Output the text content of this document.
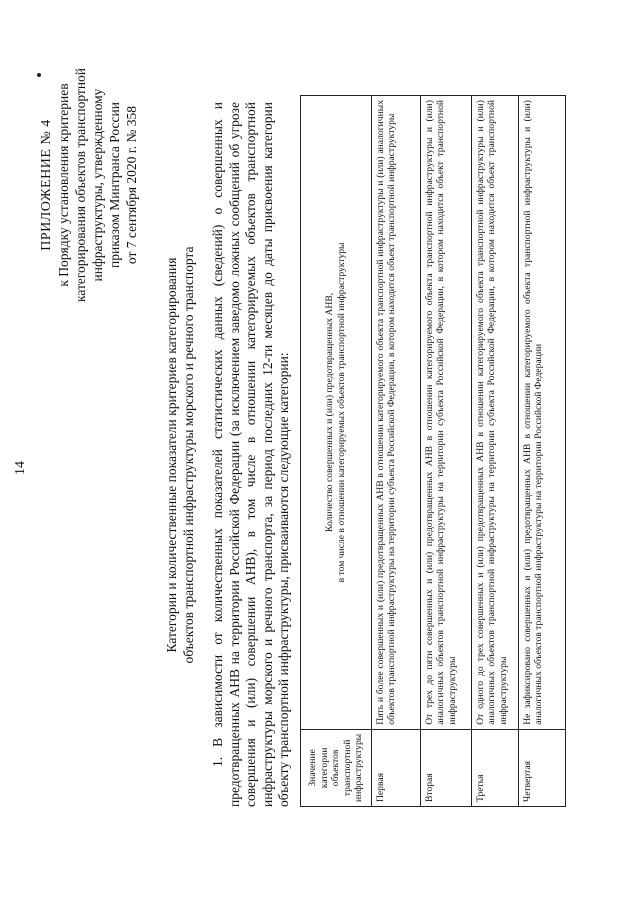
14
ПРИЛОЖЕНИЕ № 4 к Порядку установления критериев категорирования объектов транспортной инфраструктуры, утвержденному приказом Минтранса России от 7 сентября 2020 г. № 358
Категории и количественные показатели критериев категорирования объектов транспортной инфраструктуры морского и речного транспорта 1. В зависимости от количественных показателей статистических данных (сведений) о совершенных и предотвращенных АНВ на территории Российской Федерации (за исключением заведомо ложных сообщений об угрозе совершения и (или) совершении АНВ), в том числе в отношении категорируемых объектов транспортной инфраструктуры морского и речного транспорта, за период последних 12-ти месяцев до даты присвоения категории объекту транспортной инфраструктуры, присваиваются следующие категории: Значение категории объектов транспортной инфраструктуры	Количество совершенных и (или) предотвращенных АНВ, в том числе в отношении категорируемых объектов транспортной инфраструктуры

Первая	Пять и более совершенных и (или) предотвращенных АНВ в отношении категорируемого объекта транспортной инфраструктуры и (или) аналогичных объектов транспортной инфраструктуры на территории субъекта Российской Федерации, в котором находится объект транспортной инфраструктуры
Вторая	От трех до пяти совершенных и (или) предотвращенных АНВ в отношении категорируемого объекта транспортной инфраструктуры и (или) аналогичных объектов транспортной инфраструктуры на территории субъекта Российской Федерации, в котором находится объект транспортной инфраструктуры
Третья	От одного до трех совершенных и (или) предотвращенных АНВ в отношении категорируемого объекта транспортной инфраструктуры и (или) аналогичных объектов транспортной инфраструктуры на территории субъекта Российской Федерации, в котором находится объект транспортной инфраструктуры
Четвертая	Не зафиксировано совершенных и (или) предотвращенных АНВ в отношении категорируемого объекта транспортной инфраструктуры и (или) аналогичных объектов транспортной инфраструктуры на территории Российской Федерации
